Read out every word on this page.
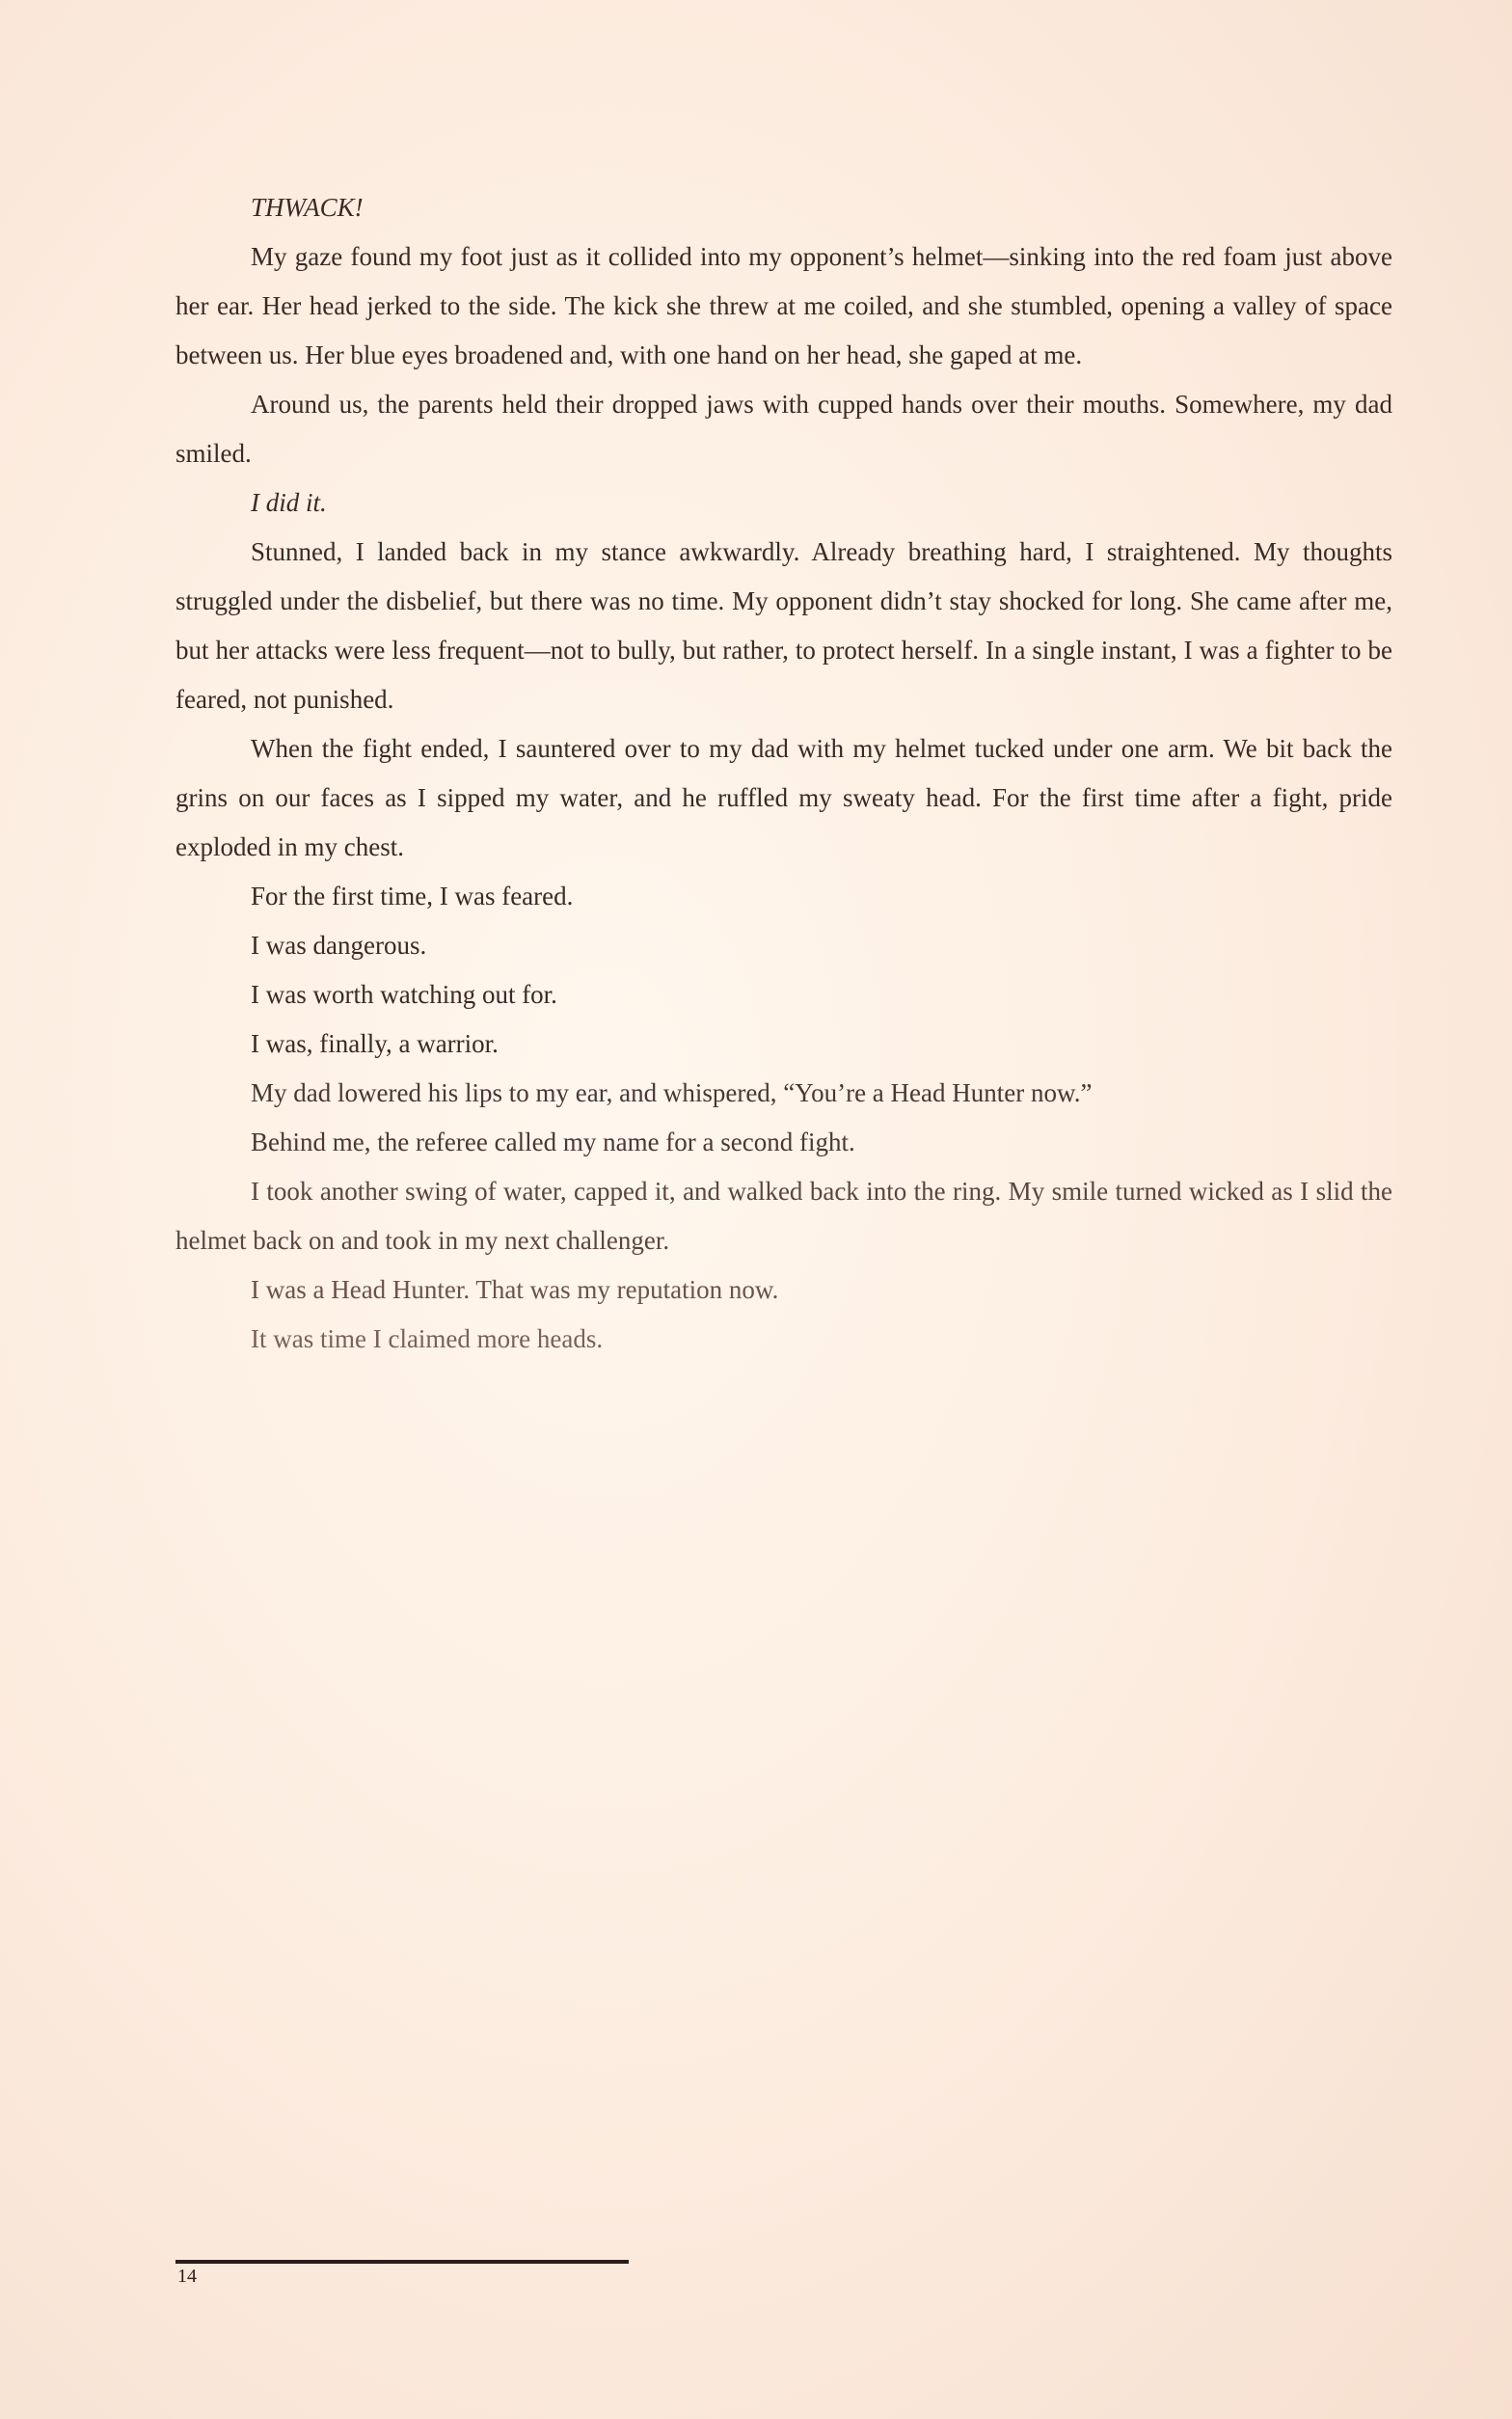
THWACK!

My gaze found my foot just as it collided into my opponent’s helmet—sinking into the red foam just above her ear. Her head jerked to the side. The kick she threw at me coiled, and she stumbled, opening a valley of space between us. Her blue eyes broadened and, with one hand on her head, she gaped at me.

Around us, the parents held their dropped jaws with cupped hands over their mouths. Somewhere, my dad smiled.

I did it.

Stunned, I landed back in my stance awkwardly. Already breathing hard, I straightened. My thoughts struggled under the disbelief, but there was no time. My opponent didn’t stay shocked for long. She came after me, but her attacks were less frequent—not to bully, but rather, to protect herself. In a single instant, I was a fighter to be feared, not punished.

When the fight ended, I sauntered over to my dad with my helmet tucked under one arm. We bit back the grins on our faces as I sipped my water, and he ruffled my sweaty head. For the first time after a fight, pride exploded in my chest.

For the first time, I was feared.

I was dangerous.

I was worth watching out for.

I was, finally, a warrior.

My dad lowered his lips to my ear, and whispered, “You’re a Head Hunter now.”

Behind me, the referee called my name for a second fight.

I took another swing of water, capped it, and walked back into the ring. My smile turned wicked as I slid the helmet back on and took in my next challenger.

I was a Head Hunter. That was my reputation now.

It was time I claimed more heads.

14
